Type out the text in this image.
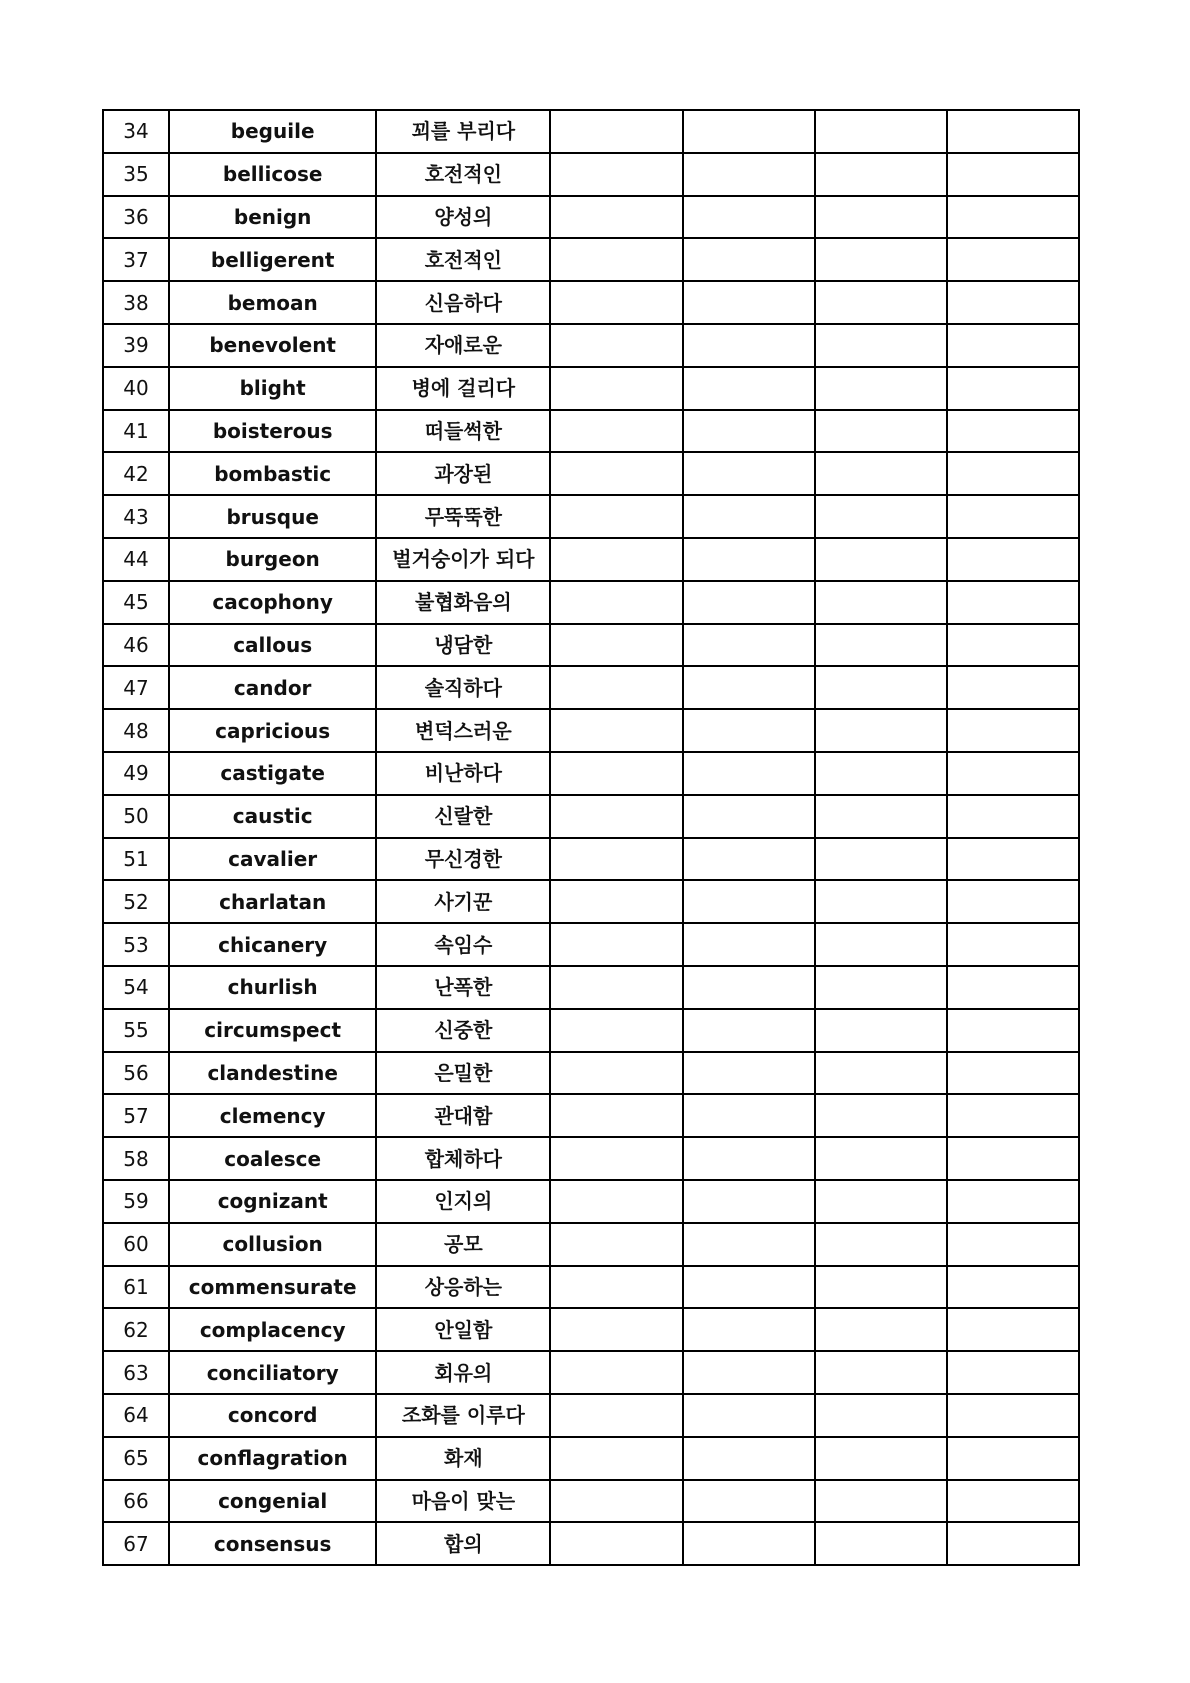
34	beguile	꾀를 부리다				
35	bellicose	호전적인				
36	benign	양성의				
37	belligerent	호전적인				
38	bemoan	신음하다				
39	benevolent	자애로운				
40	blight	병에 걸리다				
41	boisterous	떠들썩한				
42	bombastic	과장된				
43	brusque	무뚝뚝한				
44	burgeon	벌거숭이가 되다				
45	cacophony	불협화음의				
46	callous	냉담한				
47	candor	솔직하다				
48	capricious	변덕스러운				
49	castigate	비난하다				
50	caustic	신랄한				
51	cavalier	무신경한				
52	charlatan	사기꾼				
53	chicanery	속임수				
54	churlish	난폭한				
55	circumspect	신중한				
56	clandestine	은밀한				
57	clemency	관대함				
58	coalesce	합체하다				
59	cognizant	인지의				
60	collusion	공모				
61	commensurate	상응하는				
62	complacency	안일함				
63	conciliatory	회유의				
64	concord	조화를 이루다				
65	conflagration	화재				
66	congenial	마음이 맞는				
67	consensus	합의				
